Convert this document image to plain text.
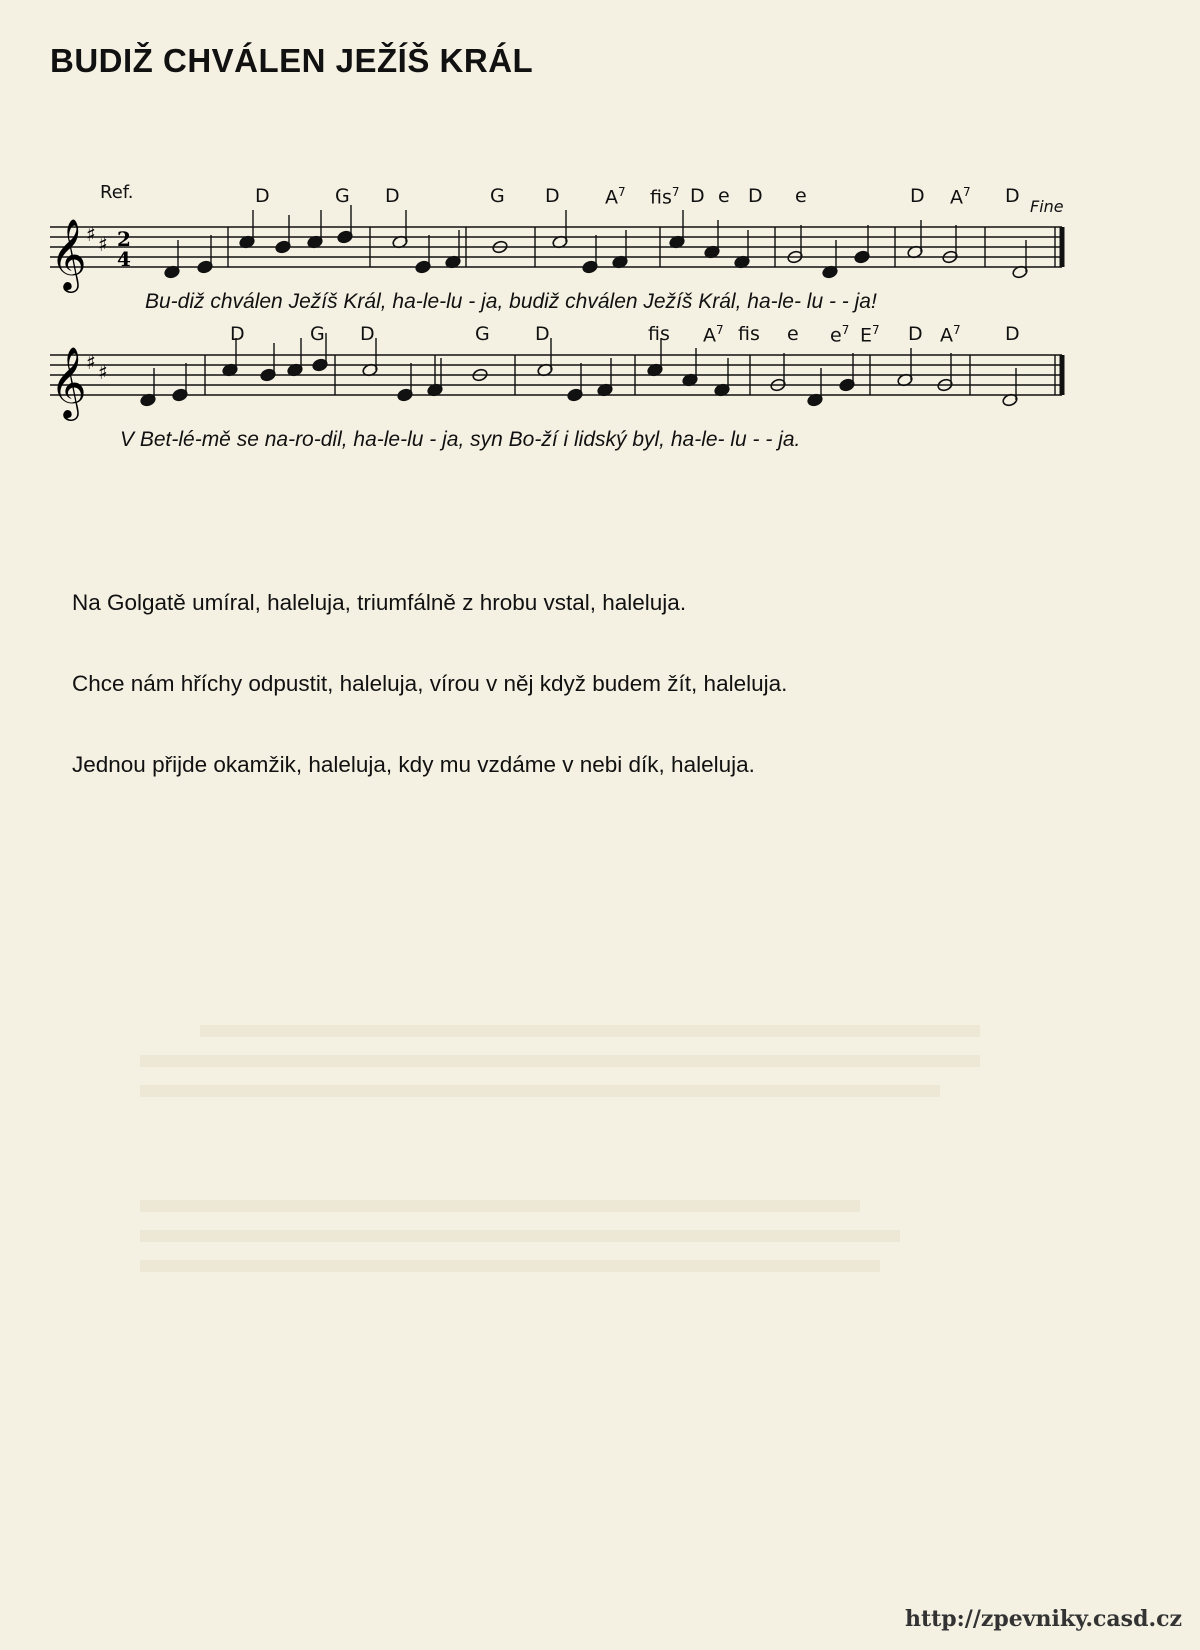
BUDIŽ CHVÁLEN JEŽÍŠ KRÁL
Ref.	D	G D	G D $A^7$ fis$^7$ D e D e	D $A^7$ D Fine
𝄞 ♯ ♯ 2
4
Bu-diž chválen Ježíš Král, ha-le-lu - ja, budiž chválen Ježíš Král, ha-le- lu - - ja!
D	G D	G D	fis $A^7$ fis e $e^7$ $E^7$ D $A^7$ D
𝄞 ♯ ♯
V Bet-lé-mě se na-ro-dil, ha-le-lu - ja, syn Bo-ží i lidský byl, ha-le- lu - - ja.

Na Golgatě umíral, haleluja, triumfálně z hrobu vstal, haleluja.

Chce nám hříchy odpustit, haleluja, vírou v něj když budem žít, haleluja.

Jednou přijde okamžik, haleluja, kdy mu vzdáme v nebi dík, haleluja.

http://zpevniky.casd.cz
